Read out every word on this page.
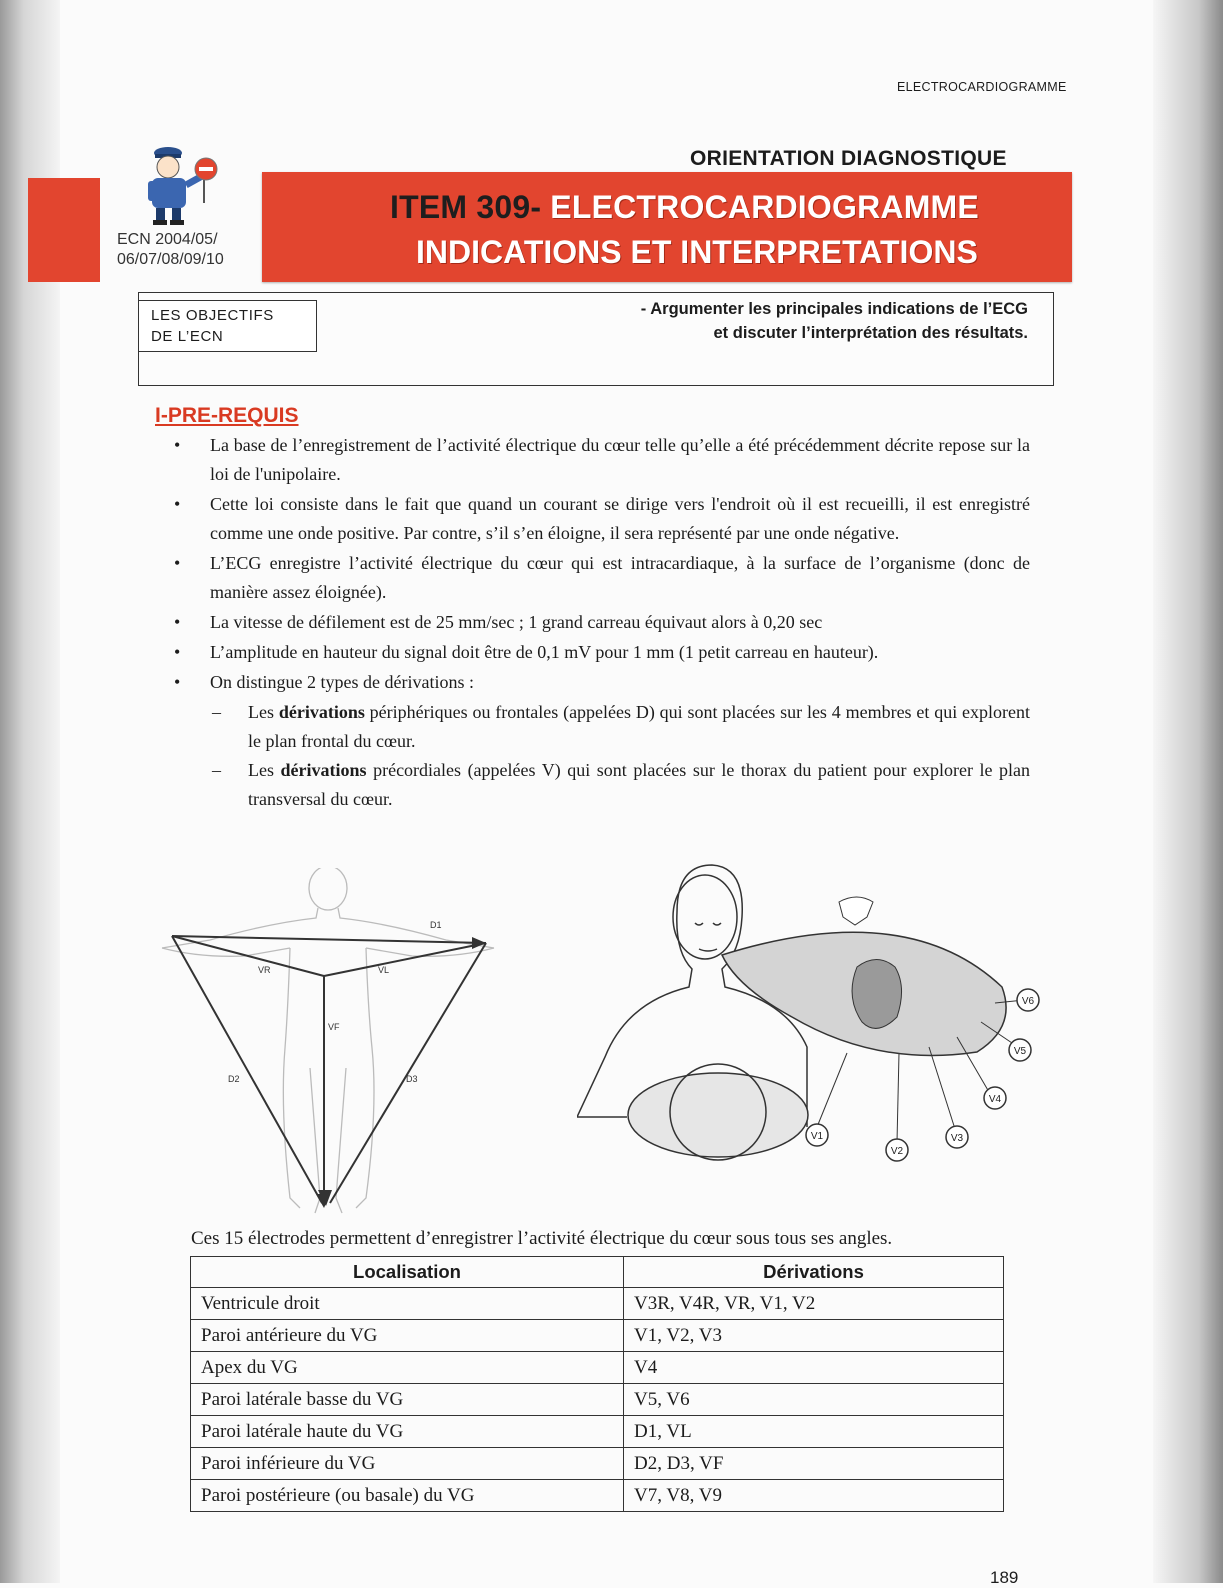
ELECTROCARDIOGRAMME
ECN 2004/05/
06/07/08/09/10
ORIENTATION DIAGNOSTIQUE
ITEM 309- ELECTROCARDIOGRAMME
INDICATIONS ET INTERPRETATIONS
LES OBJECTIFS
DE L’ECN
- Argumenter les principales indications de l’ECG
et discuter l’interprétation des résultats.
I-PRE-REQUIS
• La base de l’enregistrement de l’activité électrique du cœur telle qu’elle a été précédemment décrite repose sur la loi de l'unipolaire.
• Cette loi consiste dans le fait que quand un courant se dirige vers l'endroit où il est recueilli, il est enregistré comme une onde positive. Par contre, s’il s’en éloigne, il sera représenté par une onde négative.
• L’ECG enregistre l’activité électrique du cœur qui est intracardiaque, à la surface de l’organisme (donc de manière assez éloignée).
• La vitesse de défilement est de 25 mm/sec ; 1 grand carreau équivaut alors à 0,20 sec
• L’amplitude en hauteur du signal doit être de 0,1 mV pour 1 mm (1 petit carreau en hauteur).
• On distingue 2 types de dérivations :
– Les dérivations périphériques ou frontales (appelées D) qui sont placées sur les 4 membres et qui explorent le plan frontal du cœur.
– Les dérivations précordiales (appelées V) qui sont placées sur le thorax du patient pour explorer le plan transversal du cœur.
D1
VR	VL
VF
D2	D3
V1
V2
V3
V4
V5
V6
Ces 15 électrodes permettent d’enregistrer l’activité électrique du cœur sous tous ses angles.
Localisation	Dérivations
Ventricule droit	V3R, V4R, VR, V1, V2
Paroi antérieure du VG	V1, V2, V3
Apex du VG	V4
Paroi latérale basse du VG	V5, V6
Paroi latérale haute du VG	D1, VL
Paroi inférieure du VG	D2, D3, VF
Paroi postérieure (ou basale) du VG	V7, V8, V9
189
